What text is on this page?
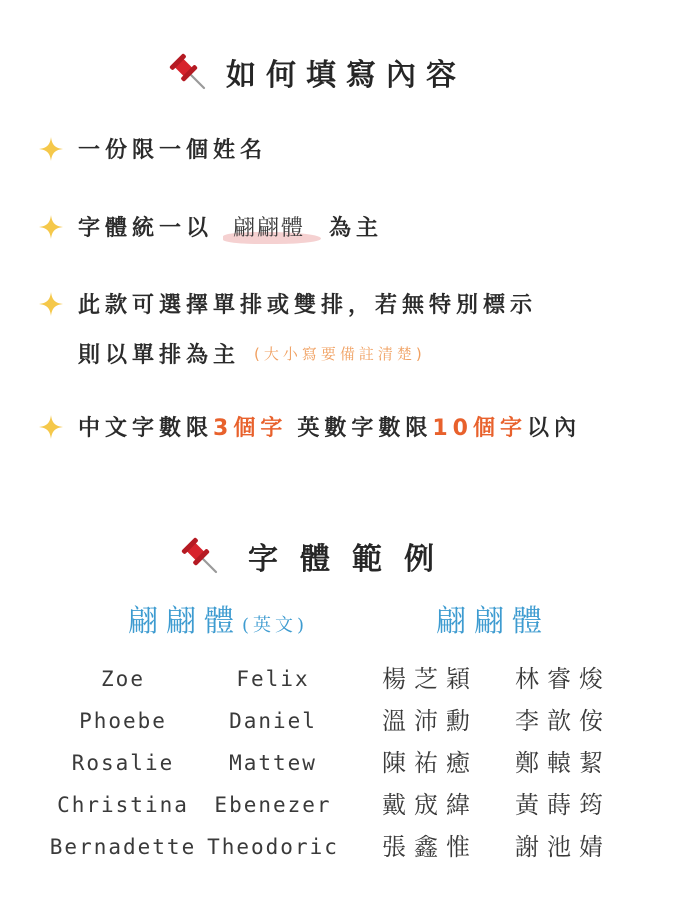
如何填寫內容
一份限一個姓名
字體統一以 翩翩體	為主
此款可選擇單排或雙排，若無特別標示
則以單排為主 (大小寫要備註清楚)
中文字數限 3個字 英數字數限 10個字 以內
字體範例
翩翩體(英文)	翩翩體
Zoe
Phoebe
Rosalie
Christina
Bernadette
Felix
Daniel
Mattew
Ebenezer
Theodoric
楊芝穎
溫沛勳
陳祐癒
戴宬緯
張鑫惟
林睿焌
李歆侒
鄭轅絜
黃蒔筠
謝池婧
